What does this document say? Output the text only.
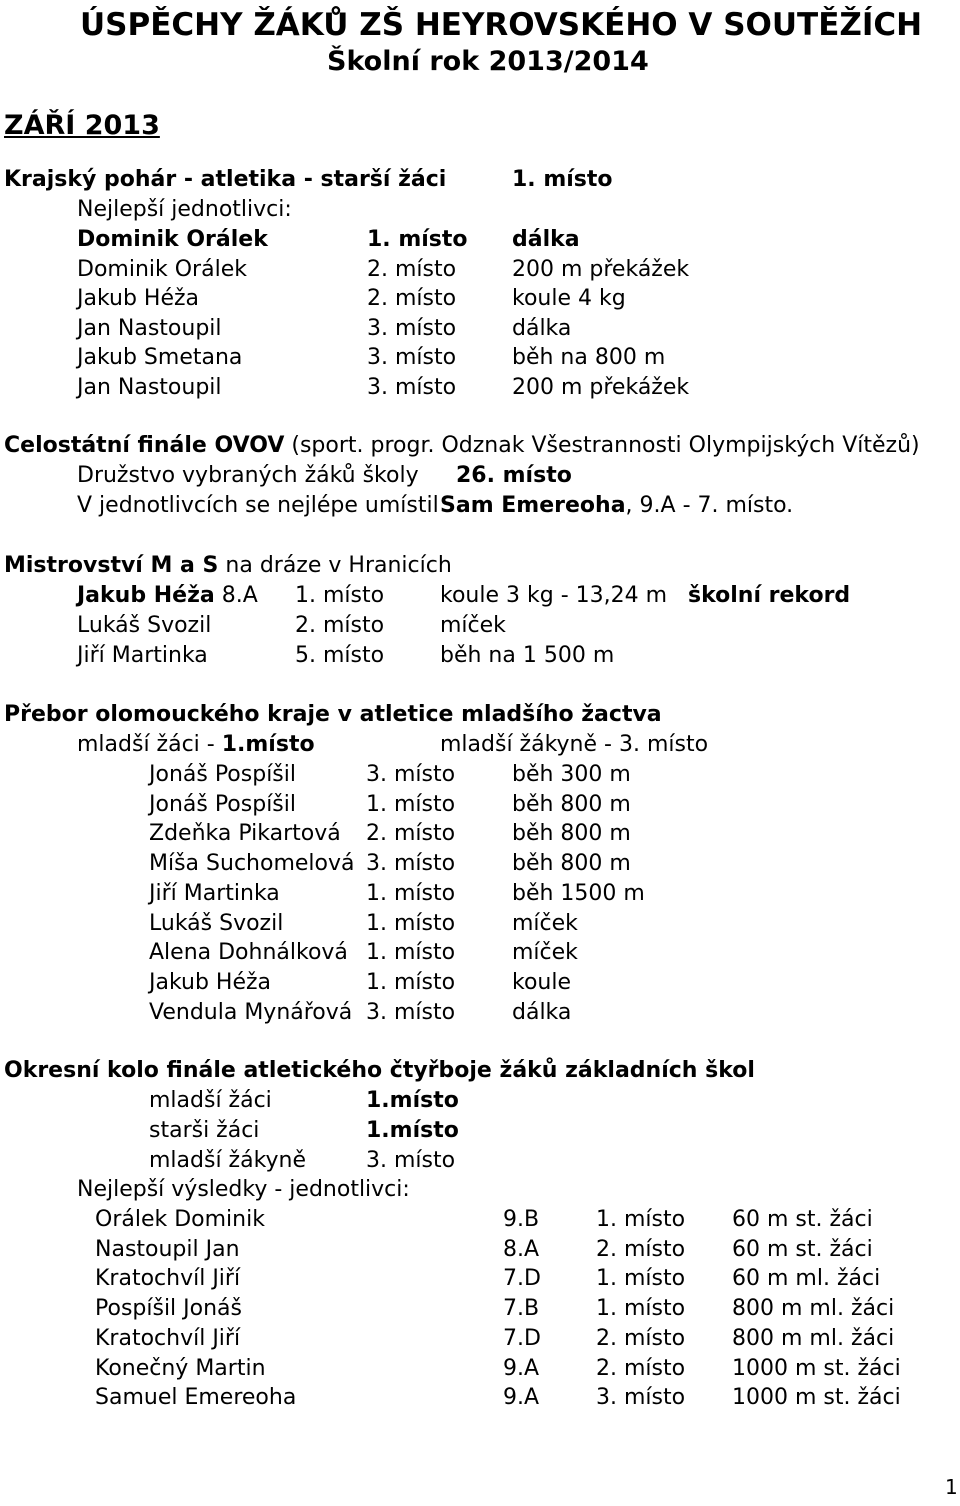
ÚSPĚCHY ŽÁKŮ ZŠ HEYROVSKÉHO V SOUTĚŽÍCH
Školní rok 2013/2014
ZÁŘÍ 2013
Krajský pohár - atletika - starší žáci	1. místo
Nejlepší jednotlivci:
Dominik Orálek	1. místo dálka
Dominik Orálek	2. místo	200 m překážek
Jakub Héža	2. místo	koule 4 kg
Jan Nastoupil	3. místo	dálka
Jakub Smetana	3. místo	běh na 800 m
Jan Nastoupil	3. místo	200 m překážek
Celostátní finále OVOV (sport. progr. Odznak Všestrannosti Olympijských Vítězů)
Družstvo vybraných žáků školy 26. místo
V jednotlivcích se nejlépe umístil Sam Emereoha, 9.A - 7. místo.
Mistrovství M a S na dráze v Hranicích
Jakub Héža 8.A 1. místo	koule 3 kg - 13,24 m školní rekord
Lukáš Svozil	2. místo	míček
Jiří Martinka	5. místo	běh na 1 500 m
Přebor olomouckého kraje v atletice mladšího žactva
mladší žáci - 1.místo	mladší žákyně - 3. místo
Jonáš Pospíšil	3. místo	běh 300 m
Jonáš Pospíšil	1. místo	běh 800 m
Zdeňka Pikartová 2. místo	běh 800 m
Míša Suchomelová 3. místo	běh 800 m
Jiří Martinka	1. místo	běh 1500 m
Lukáš Svozil	1. místo	míček
Alena Dohnálková 1. místo	míček
Jakub Héža	1. místo	koule
Vendula Mynářová 3. místo	dálka
Okresní kolo finále atletického čtyřboje žáků základních škol
mladší žáci	1.místo
starši žáci	1.místo
mladší žákyně	3. místo
Nejlepší výsledky - jednotlivci:
Orálek Dominik	9.B	1. místo 60 m st. žáci
Nastoupil Jan	8.A	2. místo 60 m st. žáci
Kratochvíl Jiří	7.D	1. místo 60 m ml. žáci
Pospíšil Jonáš	7.B	1. místo 800 m ml. žáci
Kratochvíl Jiří	7.D	2. místo 800 m ml. žáci
Konečný Martin	9.A	2. místo 1000 m st. žáci
Samuel Emereoha	9.A	3. místo 1000 m st. žáci
1
